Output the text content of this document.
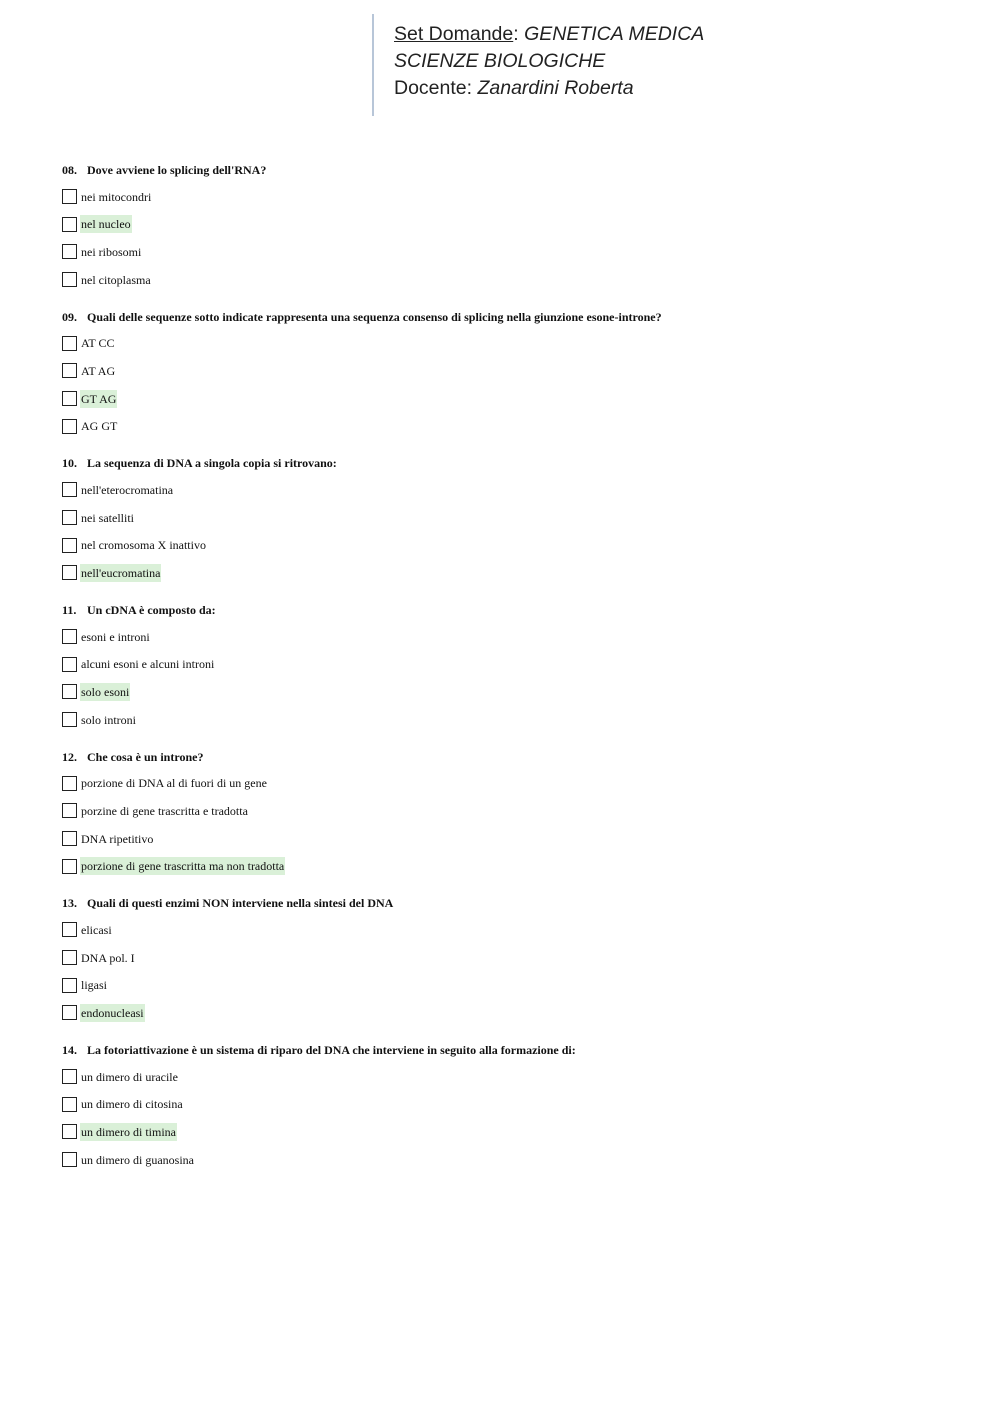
Set Domande: GENETICA MEDICA
SCIENZE BIOLOGICHE
Docente: Zanardini Roberta
08. Dove avviene lo splicing dell'RNA?
nei mitocondri
nel nucleo
nei ribosomi
nel citoplasma
09. Quali delle sequenze sotto indicate rappresenta una sequenza consenso di splicing nella giunzione esone-introne?
AT CC
AT AG
GT AG
AG GT
10. La sequenza di DNA a singola copia si ritrovano:
nell'eterocromatina
nei satelliti
nel cromosoma X inattivo
nell'eucromatina
11. Un cDNA è composto da:
esoni e introni
alcuni esoni e alcuni introni
solo esoni
solo introni
12. Che cosa è un introne?
porzione di DNA al di fuori di un gene
porzine di gene trascritta e tradotta
DNA ripetitivo
porzione di gene trascritta ma non tradotta
13. Quali di questi enzimi NON interviene nella sintesi del DNA
elicasi
DNA pol. I
ligasi
endonucleasi
14. La fotoriattivazione è un sistema di riparo del DNA che interviene in seguito alla formazione di:
un dimero di uracile
un dimero di citosina
un dimero di timina
un dimero di guanosina
